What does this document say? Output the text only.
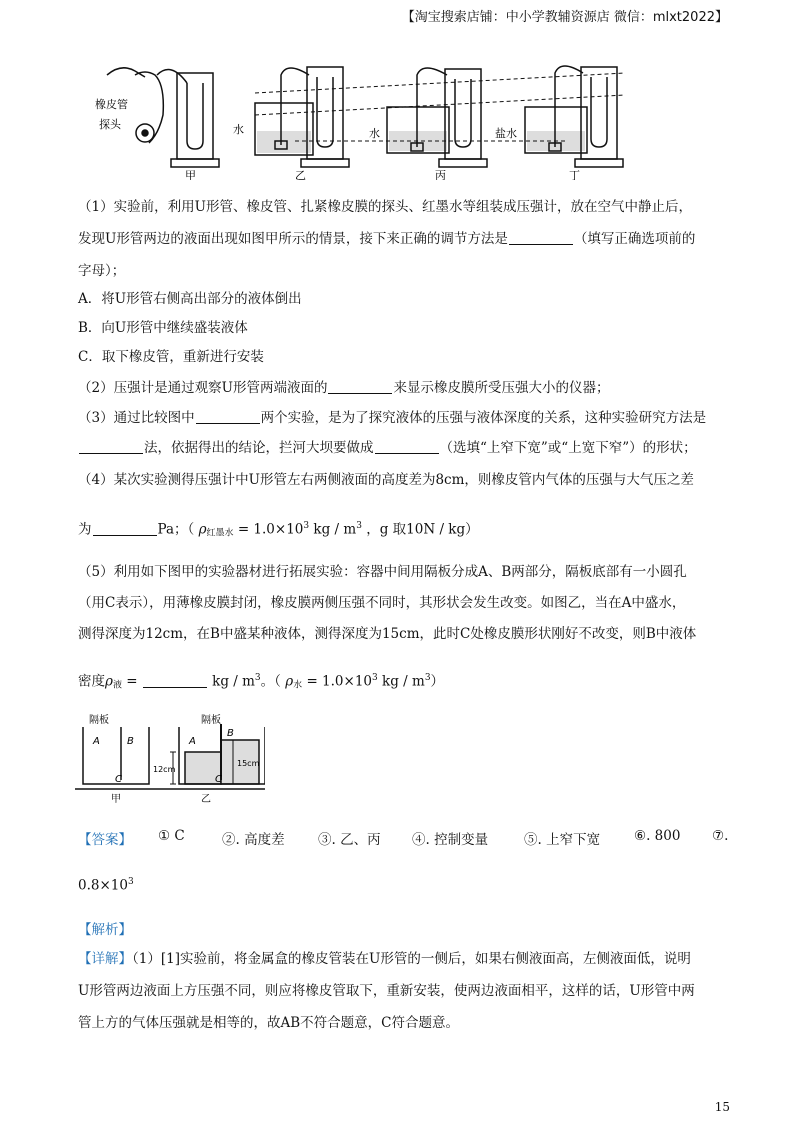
【淘宝搜索店铺：中小学教辅资源店 微信：mlxt2022】
橡皮管
探头	水	水	盐水
甲	乙	丙	丁
（1）实验前，利用U形管、橡皮管、扎紧橡皮膜的探头、红墨水等组装成压强计，放在空气中静止后，
发现U形管两边的液面出现如图甲所示的情景，接下来正确的调节方法是	（填写正确选项前的
字母）；
A．将U形管右侧高出部分的液体倒出
B．向U形管中继续盛装液体
C．取下橡皮管，重新进行安装
（2）压强计是通过观察U形管两端液面的	来显示橡皮膜所受压强大小的仪器；
（3）通过比较图中	两个实验，是为了探究液体的压强与液体深度的关系，这种实验研究方法是
法，依据得出的结论，拦河大坝要做成	（选填“上窄下宽”或“上宽下窄”）的形状；
（4）某次实验测得压强计中U形管左右两侧液面的高度差为8cm，则橡皮管内气体的压强与大气压之差
为	Pa；（ $\rho_{红墨水} = 1.0\times 10^3$ kg / $m^3$ ，g 取10N / kg）
（5）利用如下图甲的实验器材进行拓展实验：容器中间用隔板分成A、B两部分，隔板底部有一小圆孔
（用C表示），用薄橡皮膜封闭，橡皮膜两侧压强不同时，其形状会发生改变。如图乙，当在A中盛水，
测得深度为12cm，在B中盛某种液体，测得深度为15cm，此时C处橡皮膜形状刚好不改变，则B中液体
密度$\rho_液$ =	kg / $m^3$。（ $\rho_水 = 1.0\times 10^3$ kg / $m^3$）
隔板	隔板
A	B
C
A
B
C
12cm
15cm
甲	乙
【答案】 ① C	②. 高度差 ③. 乙、丙 ④. 控制变量	⑤. 上窄下宽	⑥. 800 ⑦.
$0.8\times 10^3$
【解析】
【详解】（1）[1]实验前，将金属盒的橡皮管装在U形管的一侧后，如果右侧液面高，左侧液面低，说明
U形管两边液面上方压强不同，则应将橡皮管取下，重新安装，使两边液面相平，这样的话，U形管中两
管上方的气体压强就是相等的，故AB不符合题意，C符合题意。
15
